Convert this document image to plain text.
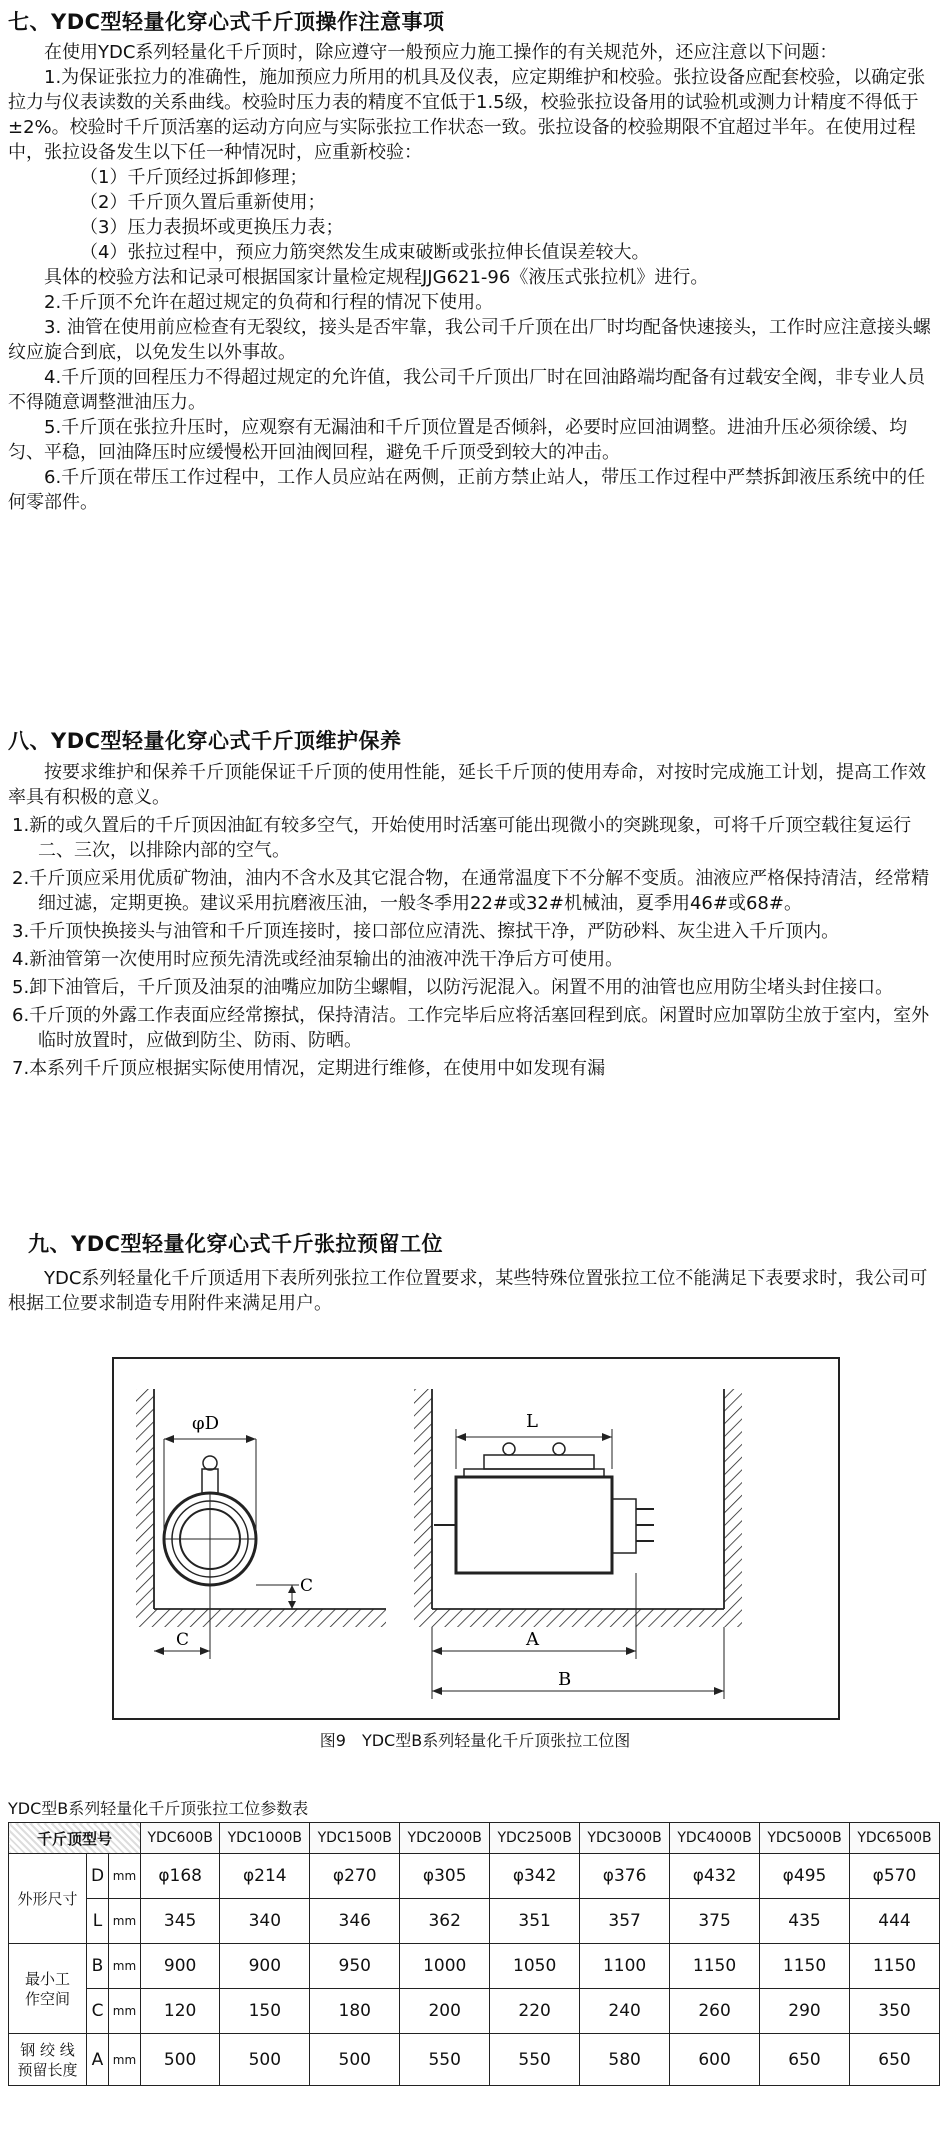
七、YDC型轻量化穿心式千斤顶操作注意事项

在使用YDC系列轻量化千斤顶时，除应遵守一般预应力施工操作的有关规范外，还应注意以下问题：

1.为保证张拉力的准确性，施加预应力所用的机具及仪表，应定期维护和校验。张拉设备应配套校验，以确定张拉力与仪表读数的关系曲线。校验时压力表的精度不宜低于1.5级，校验张拉设备用的试验机或测力计精度不得低于±2%。校验时千斤顶活塞的运动方向应与实际张拉工作状态一致。张拉设备的校验期限不宜超过半年。在使用过程中，张拉设备发生以下任一种情况时，应重新校验：

（1）千斤顶经过拆卸修理；

（2）千斤顶久置后重新使用；

（3）压力表损坏或更换压力表；

（4）张拉过程中，预应力筋突然发生成束破断或张拉伸长值误差较大。

具体的校验方法和记录可根据国家计量检定规程JJG621-96《液压式张拉机》进行。

2.千斤顶不允许在超过规定的负荷和行程的情况下使用。

3. 油管在使用前应检查有无裂纹，接头是否牢靠，我公司千斤顶在出厂时均配备快速接头，工作时应注意接头螺纹应旋合到底，以免发生以外事故。

4.千斤顶的回程压力不得超过规定的允许值，我公司千斤顶出厂时在回油路端均配备有过载安全阀，非专业人员不得随意调整泄油压力。

5.千斤顶在张拉升压时，应观察有无漏油和千斤顶位置是否倾斜，必要时应回油调整。进油升压必须徐缓、均匀、平稳，回油降压时应缓慢松开回油阀回程，避免千斤顶受到较大的冲击。

6.千斤顶在带压工作过程中，工作人员应站在两侧，正前方禁止站人，带压工作过程中严禁拆卸液压系统中的任何零部件。

八、YDC型轻量化穿心式千斤顶维护保养

按要求维护和保养千斤顶能保证千斤顶的使用性能，延长千斤顶的使用寿命，对按时完成施工计划，提高工作效率具有积极的意义。

1.新的或久置后的千斤顶因油缸有较多空气，开始使用时活塞可能出现微小的突跳现象，可将千斤顶空载往复运行二、三次，以排除内部的空气。

2.千斤顶应采用优质矿物油，油内不含水及其它混合物，在通常温度下不分解不变质。油液应严格保持清洁，经常精细过滤，定期更换。建议采用抗磨液压油，一般冬季用22#或32#机械油，夏季用46#或68#。

3.千斤顶快换接头与油管和千斤顶连接时，接口部位应清洗、擦拭干净，严防砂料、灰尘进入千斤顶内。

4.新油管第一次使用时应预先清洗或经油泵输出的油液冲洗干净后方可使用。

5.卸下油管后，千斤顶及油泵的油嘴应加防尘螺帽，以防污泥混入。闲置不用的油管也应用防尘堵头封住接口。

6.千斤顶的外露工作表面应经常擦拭，保持清洁。工作完毕后应将活塞回程到底。闲置时应加罩防尘放于室内，室外临时放置时，应做到防尘、防雨、防晒。

7.本系列千斤顶应根据实际使用情况，定期进行维修，在使用中如发现有漏

九、YDC型轻量化穿心式千斤张拉预留工位

YDC系列轻量化千斤顶适用下表所列张拉工作位置要求，某些特殊位置张拉工位不能满足下表要求时，我公司可根据工位要求制造专用附件来满足用户。

φD
C
C
L
A
B
图9　YDC型B系列轻量化千斤顶张拉工位图
YDC型B系列轻量化千斤顶张拉工位参数表
千斤顶型号			YDC600B	YDC1000B	YDC1500B	YDC2000B	YDC2500B	YDC3000B	YDC4000B	YDC5000B	YDC6500B
外形尺寸	D	mm	φ168	φ214	φ270	φ305	φ342	φ376	φ432	φ495	φ570
	L	mm	345	340	346	362	351	357	375	435	444
最小工
作空间	B	mm	900	900	950	1000	1050	1100	1150	1150	1150
	C	mm	120	150	180	200	220	240	260	290	350
钢 绞 线
预留长度	A	mm	500	500	500	550	550	580	600	650	650
